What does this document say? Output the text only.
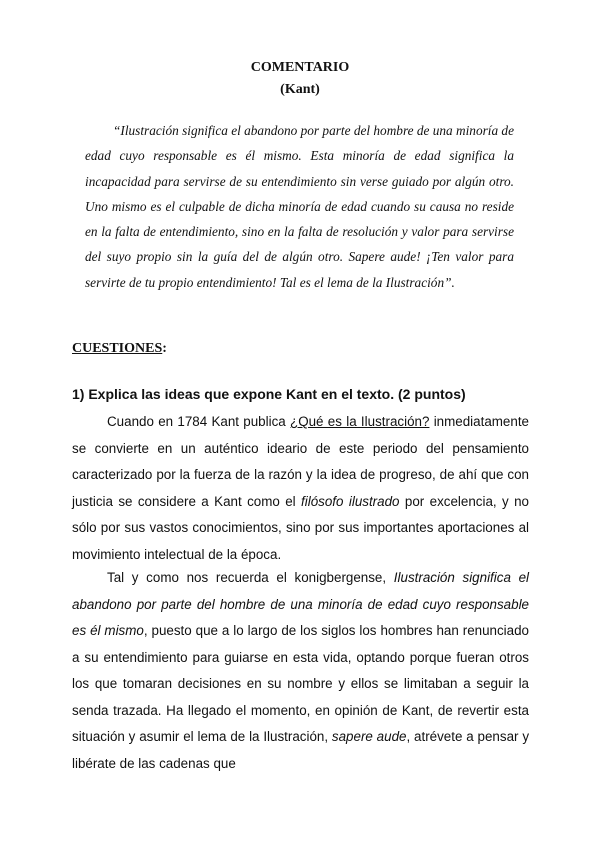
COMENTARIO
(Kant)

“Ilustración significa el abandono por parte del hombre de una minoría de edad cuyo responsable es él mismo. Esta minoría de edad significa la incapacidad para servirse de su entendimiento sin verse guiado por algún otro. Uno mismo es el culpable de dicha minoría de edad cuando su causa no reside en la falta de entendimiento, sino en la falta de resolución y valor para servirse del suyo propio sin la guía del de algún otro. Sapere aude! ¡Ten valor para servirte de tu propio entendimiento! Tal es el lema de la Ilustración”.

CUESTIONES:
1) Explica las ideas que expone Kant en el texto. (2 puntos)

Cuando en 1784 Kant publica ¿Qué es la Ilustración? inmediatamente se convierte en un auténtico ideario de este periodo del pensamiento caracterizado por la fuerza de la razón y la idea de progreso, de ahí que con justicia se considere a Kant como el filósofo ilustrado por excelencia, y no sólo por sus vastos conocimientos, sino por sus importantes aportaciones al movimiento intelectual de la época.

Tal y como nos recuerda el konigbergense, Ilustración significa el abandono por parte del hombre de una minoría de edad cuyo responsable es él mismo, puesto que a lo largo de los siglos los hombres han renunciado a su entendimiento para guiarse en esta vida, optando porque fueran otros los que tomaran decisiones en su nombre y ellos se limitaban a seguir la senda trazada. Ha llegado el momento, en opinión de Kant, de revertir esta situación y asumir el lema de la Ilustración, sapere aude, atrévete a pensar y libérate de las cadenas que
